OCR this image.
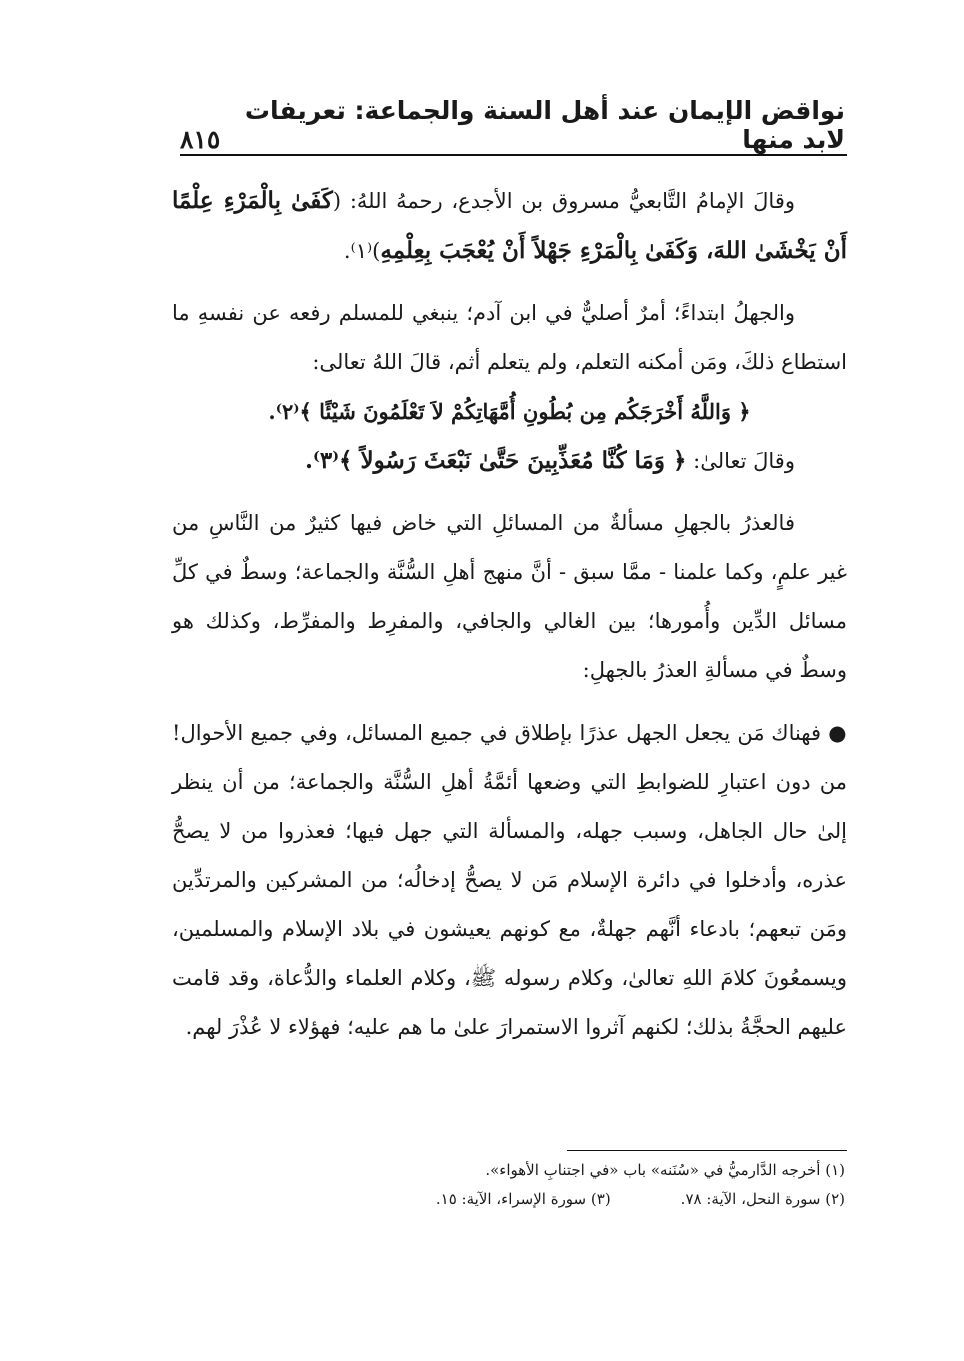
٨١٥
نواقض الإيمان عند أهل السنة والجماعة: تعريفات لابد منها

وقالَ الإمامُ التَّابعيُّ مسروق بن الأجدع، رحمهُ اللهُ: (كَفَىٰ بِالْمَرْءِ عِلْمًا أَنْ يَخْشَىٰ اللهَ، وَكَفَىٰ بِالْمَرْءِ جَهْلاً أَنْ يُعْجَبَ بِعِلْمِهِ)⁽١⁾.

والجهلُ ابتداءً؛ أمرٌ أصليٌّ في ابن آدم؛ ينبغي للمسلم رفعه عن نفسهِ ما استطاع ذلكَ، ومَن أمكنه التعلم، ولم يتعلم أثم، قالَ اللهُ تعالى:

﴿ وَاللَّهُ أَخْرَجَكُم مِن بُطُونِ أُمَّهَاتِكُمْ لاَ تَعْلَمُونَ شَيْئًا ﴾⁽٢⁾.

وقالَ تعالىٰ: ﴿ وَمَا كُنَّا مُعَذِّبِينَ حَتَّىٰ نَبْعَثَ رَسُولاً ﴾⁽٣⁾.

فالعذرُ بالجهلِ مسألةٌ من المسائلِ التي خاض فيها كثيرٌ من النَّاسِ من غير علمٍ، وكما علمنا - ممَّا سبق - أنَّ منهج أهلِ السُّنَّة والجماعة؛ وسطٌ في كلِّ مسائل الدِّين وأُمورها؛ بين الغالي والجافي، والمفرِط والمفرِّط، وكذلك هو وسطٌ في مسألةِ العذرُ بالجهلِ:

● فهناك مَن يجعل الجهل عذرًا بإطلاق في جميع المسائل، وفي جميع الأحوال! من دون اعتبارِ للضوابطِ التي وضعها أئمَّةُ أهلِ السُّنَّة والجماعة؛ من أن ينظر إلىٰ حال الجاهل، وسبب جهله، والمسألة التي جهل فيها؛ فعذروا من لا يصحُّ عذره، وأدخلوا في دائرة الإسلام مَن لا يصحُّ إدخالُه؛ من المشركين والمرتدِّين ومَن تبعهم؛ بادعاء أنَّهم جهلةٌ، مع كونهم يعيشون في بلاد الإسلام والمسلمين، ويسمعُونَ كلامَ اللهِ تعالىٰ، وكلام رسوله ﷺ، وكلام العلماء والدُّعاة، وقد قامت عليهم الحجَّةُ بذلك؛ لكنهم آثروا الاستمرارَ علىٰ ما هم عليه؛ فهؤلاء لا عُذْرَ لهم.

(١) أخرجه الدَّارميُّ في «سُنَنه» باب «في اجتنابِ الأهواء».
(٢) سورة النحل، الآية: ٧٨.
(٣) سورة الإسراء، الآية: ١٥.
